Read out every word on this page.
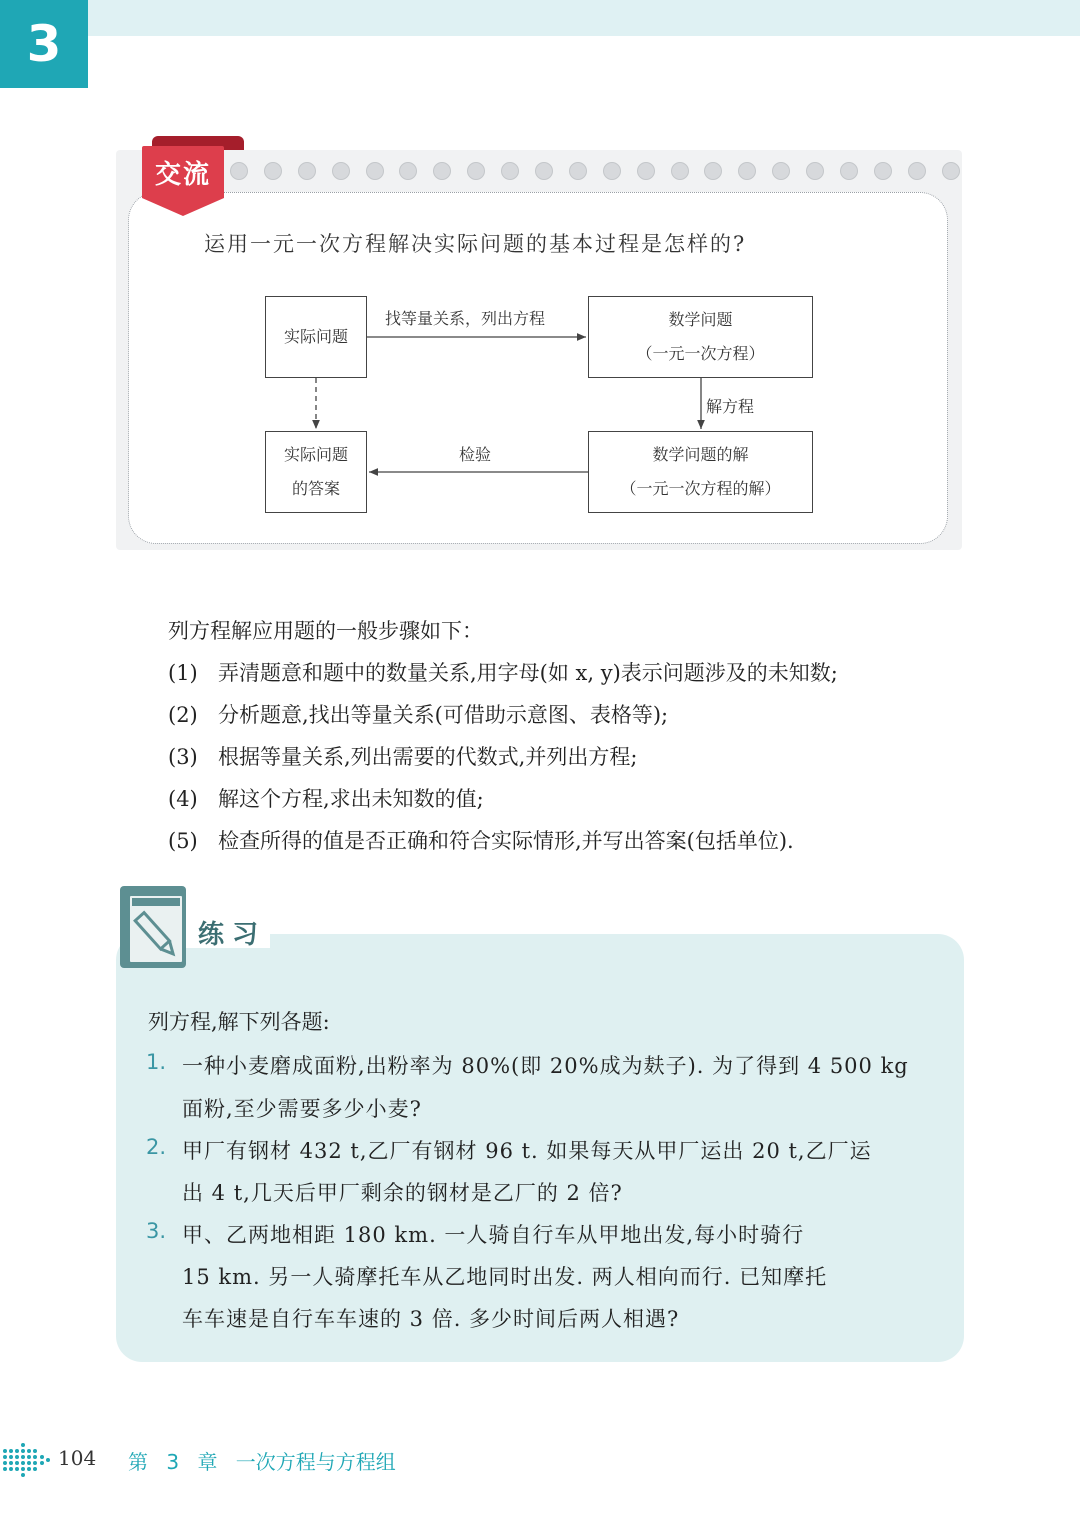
3
交流
运用一元一次方程解决实际问题的基本过程是怎样的?
实际问题
数学问题
（一元一次方程）
数学问题的解
（一元一次方程的解）
实际问题
的答案
找等量关系，列出方程
解方程
检验
列方程解应用题的一般步骤如下：
(1) 弄清题意和题中的数量关系,用字母(如 x, y)表示问题涉及的未知数;
(2) 分析题意,找出等量关系(可借助示意图、表格等);
(3) 根据等量关系,列出需要的代数式,并列出方程;
(4) 解这个方程,求出未知数的值;
(5) 检查所得的值是否正确和符合实际情形,并写出答案(包括单位).
练习
列方程,解下列各题:
1. 一种小麦磨成面粉,出粉率为 80%(即 20%成为麸子). 为了得到 4 500 kg
面粉,至少需要多少小麦?
2. 甲厂有钢材 432 t,乙厂有钢材 96 t. 如果每天从甲厂运出 20 t,乙厂运
出 4 t,几天后甲厂剩余的钢材是乙厂的 2 倍?
3. 甲、乙两地相距 180 km. 一人骑自行车从甲地出发,每小时骑行
15 km. 另一人骑摩托车从乙地同时出发. 两人相向而行. 已知摩托
车车速是自行车车速的 3 倍. 多少时间后两人相遇?
104 第 3 章 一次方程与方程组
